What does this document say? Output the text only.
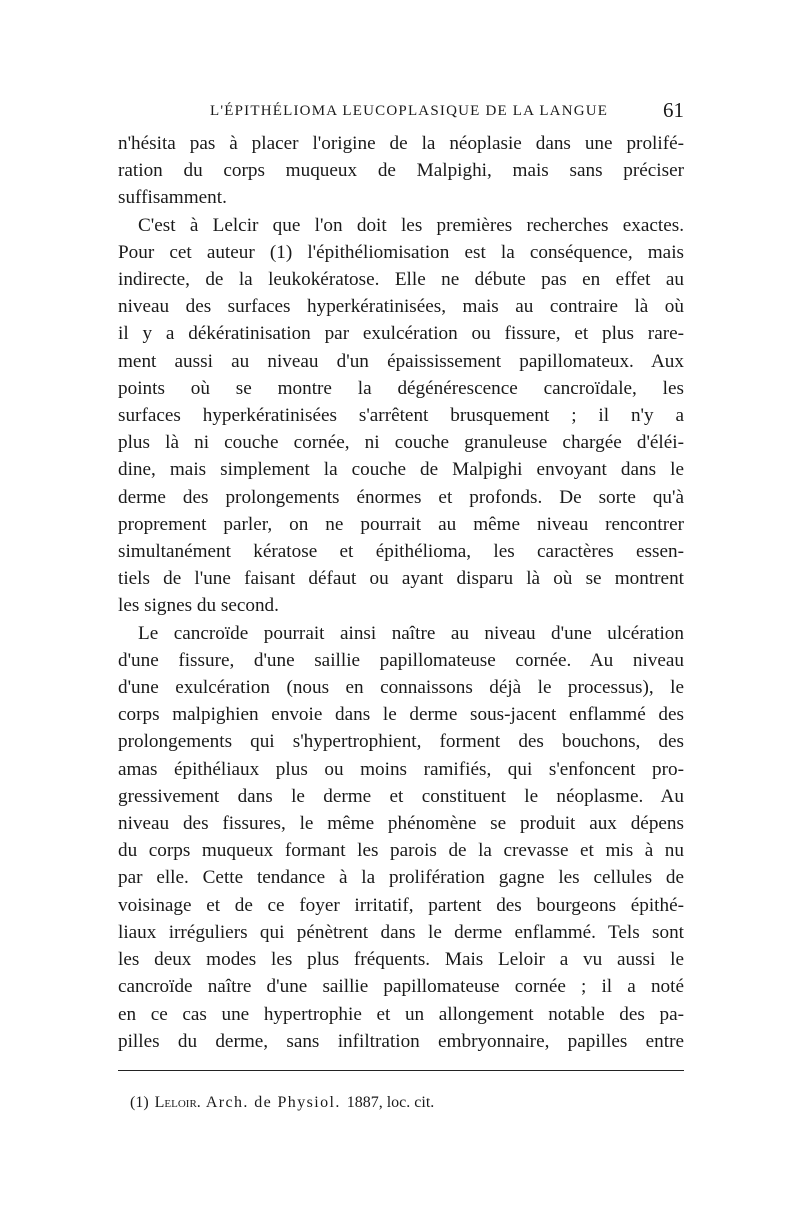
L'ÉPITHÉLIOMA LEUCOPLASIQUE DE LA LANGUE	61

n'hésita pas à placer l'origine de la néoplasie dans une prolifé-
ration du corps muqueux de Malpighi, mais sans préciser
suffisamment.

C'est à Lelcir que l'on doit les premières recherches exactes.
Pour cet auteur (1) l'épithéliomisation est la conséquence, mais
indirecte, de la leukokératose. Elle ne débute pas en effet au
niveau des surfaces hyperkératinisées, mais au contraire là où
il y a dékératinisation par exulcération ou fissure, et plus rare-
ment aussi au niveau d'un épaississement papillomateux. Aux
points où se montre la dégénérescence cancroïdale, les
surfaces hyperkératinisées s'arrêtent brusquement ; il n'y a
plus là ni couche cornée, ni couche granuleuse chargée d'éléi-
dine, mais simplement la couche de Malpighi envoyant dans le
derme des prolongements énormes et profonds. De sorte qu'à
proprement parler, on ne pourrait au même niveau rencontrer
simultanément kératose et épithélioma, les caractères essen-
tiels de l'une faisant défaut ou ayant disparu là où se montrent
les signes du second.

Le cancroïde pourrait ainsi naître au niveau d'une ulcération
d'une fissure, d'une saillie papillomateuse cornée. Au niveau
d'une exulcération (nous en connaissons déjà le processus), le
corps malpighien envoie dans le derme sous-jacent enflammé des
prolongements qui s'hypertrophient, forment des bouchons, des
amas épithéliaux plus ou moins ramifiés, qui s'enfoncent pro-
gressivement dans le derme et constituent le néoplasme. Au
niveau des fissures, le même phénomène se produit aux dépens
du corps muqueux formant les parois de la crevasse et mis à nu
par elle. Cette tendance à la prolifération gagne les cellules de
voisinage et de ce foyer irritatif, partent des bourgeons épithé-
liaux irréguliers qui pénètrent dans le derme enflammé. Tels sont
les deux modes les plus fréquents. Mais Leloir a vu aussi le
cancroïde naître d'une saillie papillomateuse cornée ; il a noté
en ce cas une hypertrophie et un allongement notable des pa-
pilles du derme, sans infiltration embryonnaire, papilles entre

(1) Leloir. Arch. de Physiol. 1887, loc. cit.
